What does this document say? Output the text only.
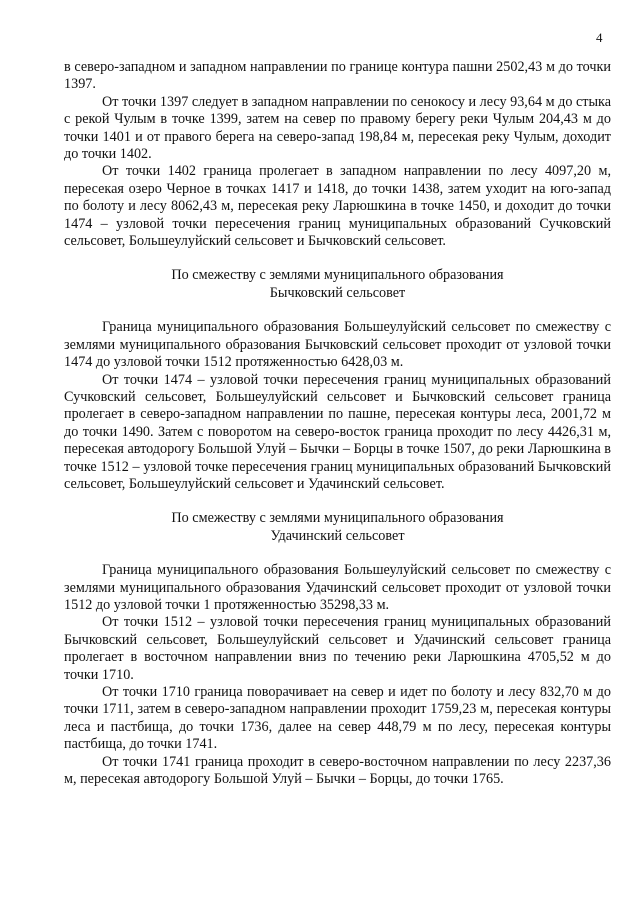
4

в северо-западном и западном направлении по границе контура пашни 2502,43 м до точки 1397.

От точки 1397 следует в западном направлении по сенокосу и лесу 93,64 м до стыка с рекой Чулым в точке 1399, затем на север по правому берегу реки Чулым 204,43 м до точки 1401 и от правого берега на северо-запад 198,84 м, пересекая реку Чулым, доходит до точки 1402.

От точки 1402 граница пролегает в западном направлении по лесу 4097,20 м, пересекая озеро Черное в точках 1417 и 1418, до точки 1438, затем уходит на юго-запад по болоту и лесу 8062,43 м, пересекая реку Ларюшкина в точке 1450, и доходит до точки 1474 – узловой точки пересечения границ муниципальных образований Сучковский сельсовет, Большеулуйский сельсовет и Бычковский сельсовет.

По смежеству с землями муниципального образования
Бычковский сельсовет

Граница муниципального образования Большеулуйский сельсовет по смежеству с землями муниципального образования Бычковский сельсовет проходит от узловой точки 1474 до узловой точки 1512 протяженностью 6428,03 м.

От точки 1474 – узловой точки пересечения границ муниципальных образований Сучковский сельсовет, Большеулуйский сельсовет и Бычковский сельсовет граница пролегает в северо-западном направлении по пашне, пересекая контуры леса, 2001,72 м до точки 1490. Затем с поворотом на северо-восток граница проходит по лесу 4426,31 м, пересекая автодорогу Большой Улуй – Бычки – Борцы в точке 1507, до реки Ларюшкина в точке 1512 – узловой точке пересечения границ муниципальных образований Бычковский сельсовет, Большеулуйский сельсовет и Удачинский сельсовет.

По смежеству с землями муниципального образования
Удачинский сельсовет

Граница муниципального образования Большеулуйский сельсовет по смежеству с землями муниципального образования Удачинский сельсовет проходит от узловой точки 1512 до узловой точки 1 протяженностью 35298,33 м.

От точки 1512 – узловой точки пересечения границ муниципальных образований Бычковский сельсовет, Большеулуйский сельсовет и Удачинский сельсовет граница пролегает в восточном направлении вниз по течению реки Ларюшкина 4705,52 м до точки 1710.

От точки 1710 граница поворачивает на север и идет по болоту и лесу 832,70 м до точки 1711, затем в северо-западном направлении проходит 1759,23 м, пересекая контуры леса и пастбища, до точки 1736, далее на север 448,79 м по лесу, пересекая контуры пастбища, до точки 1741.

От точки 1741 граница проходит в северо-восточном направлении по лесу 2237,36 м, пересекая автодорогу Большой Улуй – Бычки – Борцы, до точки 1765.
